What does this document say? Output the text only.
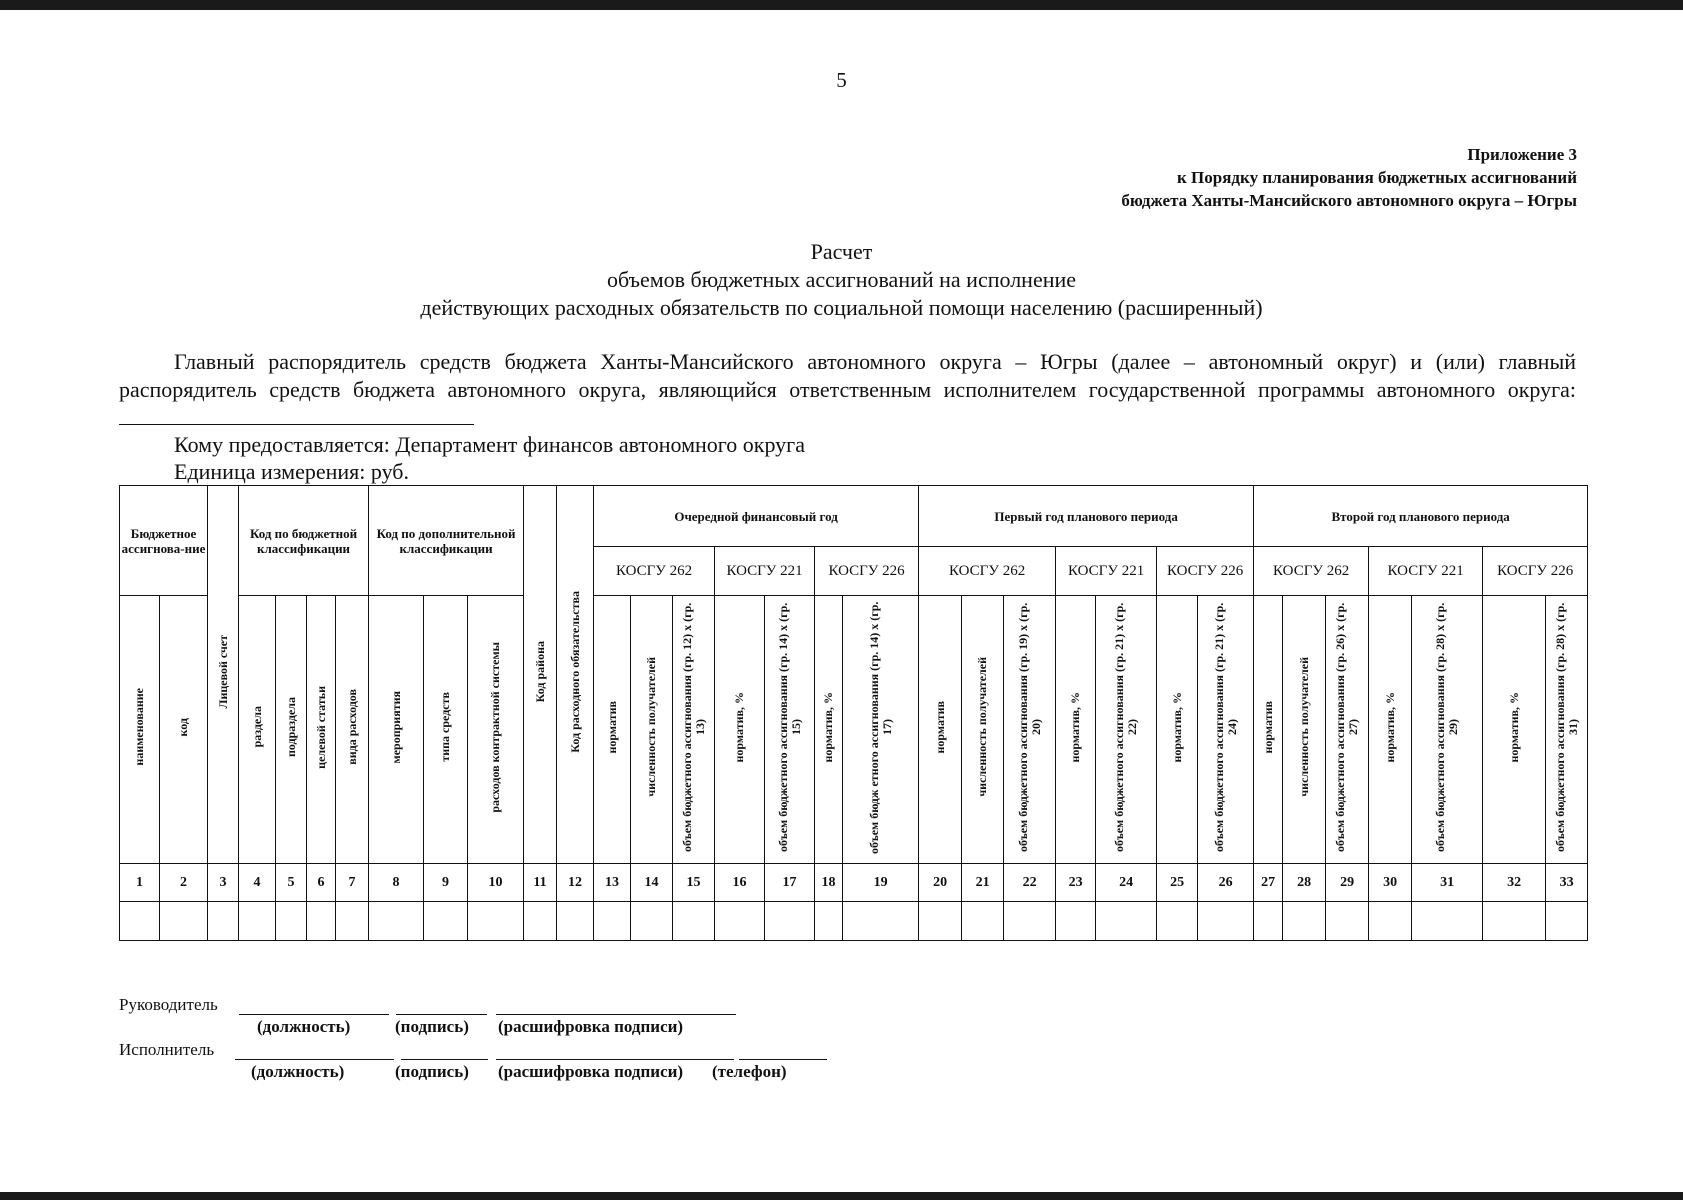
5
Приложение 3
к Порядку планирования бюджетных ассигнований
бюджета Ханты-Мансийского автономного округа – Югры
Расчет
объемов бюджетных ассигнований на исполнение
действующих расходных обязательств по социальной помощи населению (расширенный)
Главный распорядитель средств бюджета Ханты-Мансийского автономного округа – Югры (далее – автономный округ) и (или) главный распорядитель средств бюджета автономного округа, являющийся ответственным исполнителем государственной программы автономного округа:
Кому предоставляется: Департамент финансов автономного округа
Единица измерения: руб.
Бюджетное ассигнова-ние		Лицевой счет	Код по бюджетной классификации				Код по дополнительной классификации			Код района	Код расходного обязательства	Очередной финансовый год							Первый год планового периода							Второй год планового периода						
												КОСГУ 262			КОСГУ 221		КОСГУ 226		КОСГУ 262			КОСГУ 221		КОСГУ 226		КОСГУ 262			КОСГУ 221		КОСГУ 226	
												норматив	численность получателей	объем бюджетного ассигнования (гр. 12) х (гр. 13)	норматив, %	объем бюджетного ассигнования (гр. 14) х (гр. 15)	норматив, %	объем бюдж етного ассигнования (гр. 14) х (гр. 17)	норматив	численность получателей	объем бюджетного ассигнования (гр. 19) х (гр. 20)	норматив, %	объем бюджетного ассигнования (гр. 21) х (гр. 22)	норматив, %	объем бюджетного ассигнования (гр. 21) х (гр. 24)	норматив	численность получателей	объем бюджетного ассигнования (гр. 26) х (гр. 27)	норматив, %	объем бюджетного ассигнования (гр. 28) х (гр. 29)	норматив, %	объем бюджетного ассигнования (гр. 28) х (гр. 31)
наименование	код		раздела	подраздела	целевой статьи	вида расходов	мероприятия	типа средств	расходов контрактной системы																							
1	2	3	4	5	6	7	8	9	10	11	12	13	14	15	16	17	18	19	20	21	22	23	24	25	26	27	28	29	30	31	32	33

Руководитель
(должность)	(подпись) (расшифровка подписи)
Исполнитель
(должность)	(подпись) (расшифровка подписи) (телефон)
